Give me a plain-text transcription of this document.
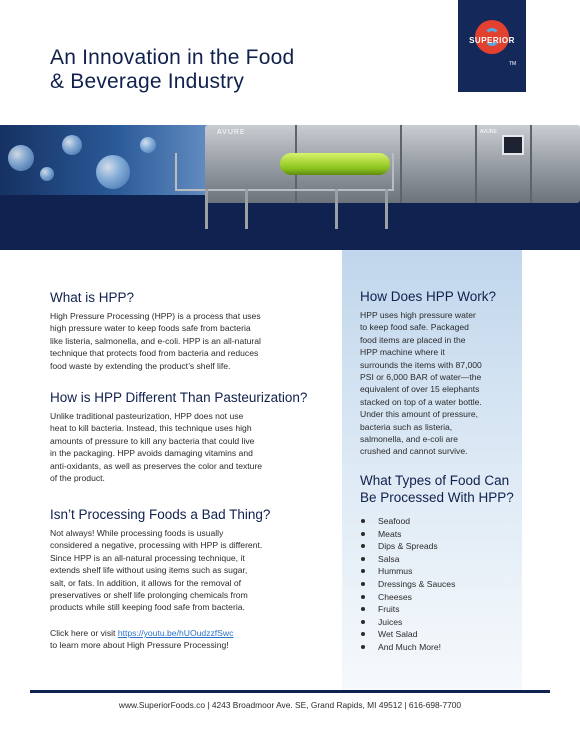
An Innovation in the Food
& Beverage Industry
SUPERIOR
TM
AVURE	AVURE
What is HPP?
High Pressure Processing (HPP) is a process that uses
high pressure water to keep foods safe from bacteria
like listeria, salmonella, and e-coli. HPP is an all-natural
technique that protects food from bacteria and reduces
food waste by extending the product’s shelf life.
How is HPP Different Than Pasteurization?
Unlike traditional pasteurization, HPP does not use
heat to kill bacteria. Instead, this technique uses high
amounts of pressure to kill any bacteria that could live
in the packaging. HPP avoids damaging vitamins and
anti-oxidants, as well as preserves the color and texture
of the product.
Isn’t Processing Foods a Bad Thing?
Not always! While processing foods is usually
considered a negative, processing with HPP is different.
Since HPP is an all-natural processing technique, it
extends shelf life without using items such as sugar,
salt, or fats. In addition, it allows for the removal of
preservatives or shelf life prolonging chemicals from
products while still keeping food safe from bacteria.
Click here or visit https://youtu.be/hUOudzzfSwc
to learn more about High Pressure Processing!
How Does HPP Work?
HPP uses high pressure water
to keep food safe. Packaged
food items are placed in the
HPP machine where it
surrounds the items with 87,000
PSI or 6,000 BAR of water—the
equivalent of over 15 elephants
stacked on top of a water bottle.
Under this amount of pressure,
bacteria such as listeria,
salmonella, and e-coli are
crushed and cannot survive.
What Types of Food Can
Be Processed With HPP?
Seafood
Meats
Dips & Spreads
Salsa
Hummus
Dressings & Sauces
Cheeses
Fruits
Juices
Wet Salad
And Much More!
www.SuperiorFoods.co | 4243 Broadmoor Ave. SE, Grand Rapids, MI 49512 | 616-698-7700
